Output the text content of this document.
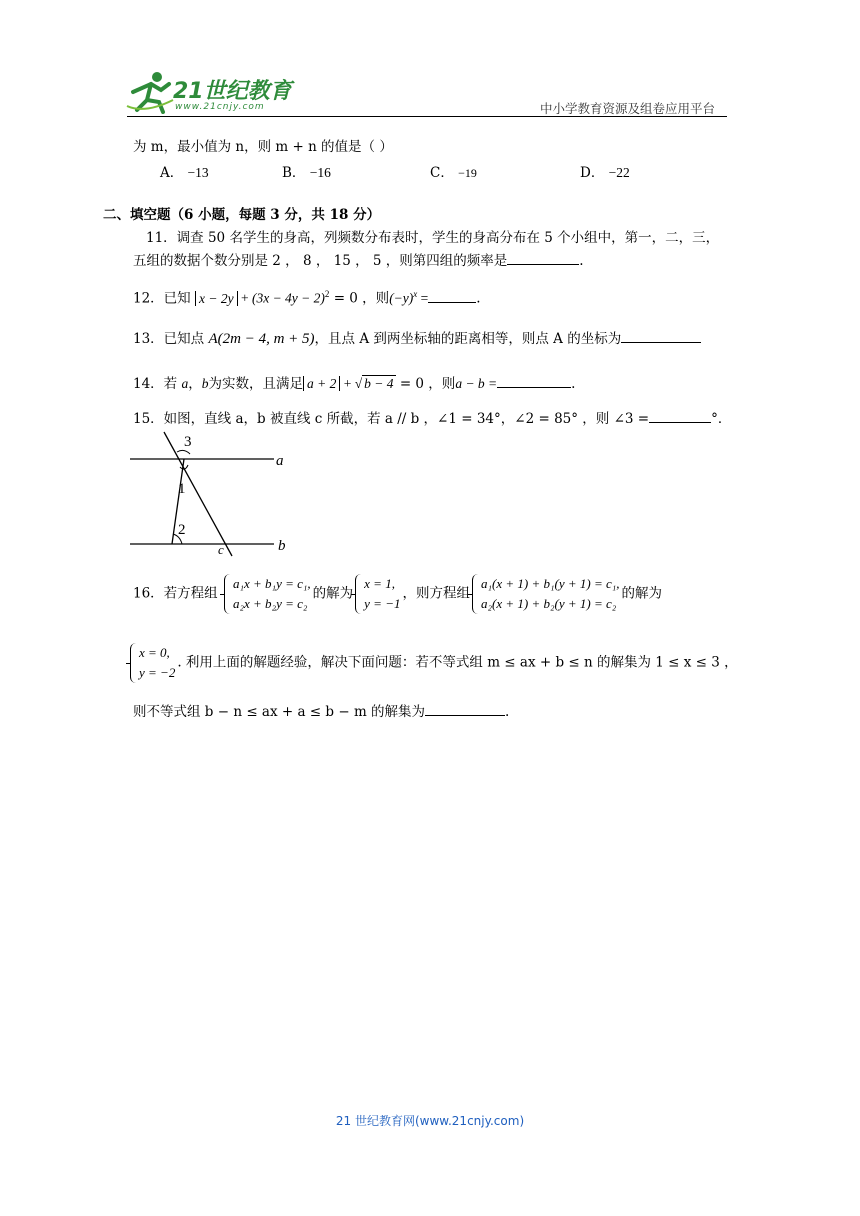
21世纪教育
www.21cnjy.com	中小学教育资源及组卷应用平台
为 m，最小值为 n，则 m + n 的值是（ ）
A． −13	B． −16	C． −19	D． −22
二、填空题（6 小题，每题 3 分，共 18 分）
11．调查 50 名学生的身高，列频数分布表时，学生的身高分布在 5 个小组中，第一，二，三，
五组的数据个数分别是 2 ， 8 ， 15 ， 5 ，则第四组的频率是	.
12．已知 $x - 2y + (3x - 4y - 2)^2 = 0$ ，则$(-y)^x$ =	.
13．已知点 A(2m − 4, m + 5)，且点 A 到两坐标轴的距离相等，则点 A 的坐标为
14．若 a，b为实数，且满足 a + 2 + √ b − 4 = 0 ，则a − b =	.
15．如图，直线 a，b 被直线 c 所截，若 a // b ，∠1 = 34°，∠2 = 85° ，则 ∠3 =	°．
3
1
2
a
b
c
16．若方程组
a₁x + b₁y = c₁,
a₂x + b₂y = c₂
的解为
x = 1,
y = −1
，则方程组
a₁(x + 1) + b₁(y + 1) = c₁,
a₂(x + 1) + b₂(y + 1) = c₂
的解为
x = 0,
y = −2
. 利用上面的解题经验，解决下面问题：若不等式组 m ≤ ax + b ≤ n 的解集为 1 ≤ x ≤ 3 ，
则不等式组 b − n ≤ ax + a ≤ b − m 的解集为	.
21 世纪教育网(www.21cnjy.com)
